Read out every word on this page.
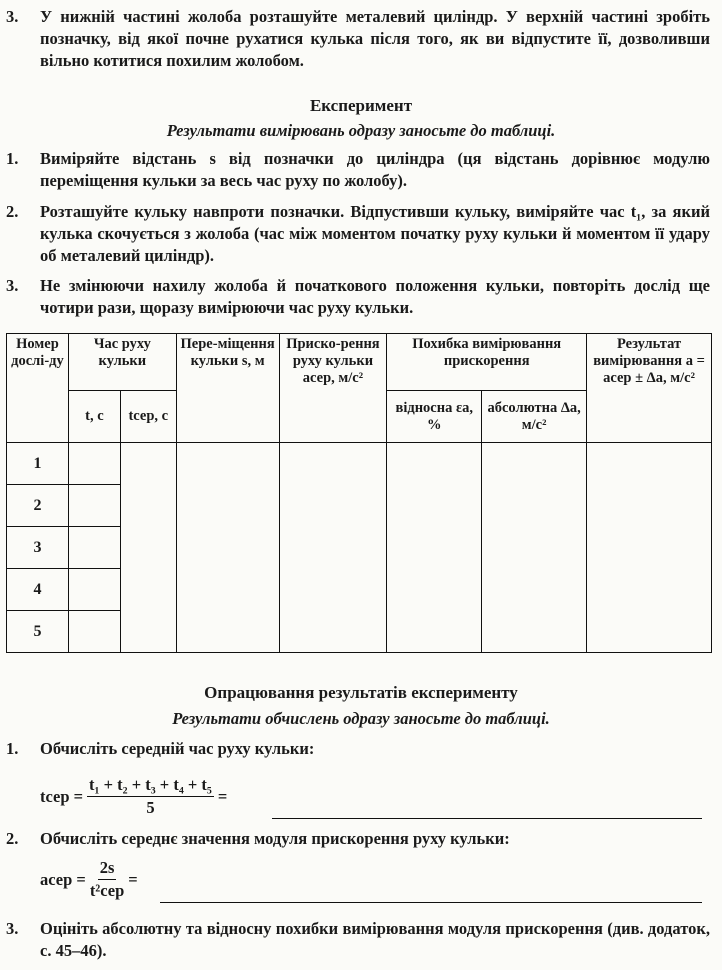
3. У нижній частині жолоба розташуйте металевий циліндр. У верхній частині зробіть позначку, від якої почне рухатися кулька після того, як ви відпустите її, дозволивши вільно котитися похилим жолобом.
Експеримент
Результати вимірювань одразу заносьте до таблиці.
1. Виміряйте відстань s від позначки до циліндра (ця відстань дорівнює модулю переміщення кульки за весь час руху по жолобу).
2. Розташуйте кульку навпроти позначки. Відпустивши кульку, виміряйте час t₁, за який кулька скочується з жолоба (час між моментом початку руху кульки й моментом її удару об металевий циліндр).
3. Не змінюючи нахилу жолоба й початкового положення кульки, повторіть дослід ще чотири рази, щоразу вимірюючи час руху кульки.
Номер дослі-ду	Час руху кульки		Пере-міщення кульки s, м	Приско-рення руху кульки aсер, м/с²	Похибка вимірювання прискорення		Результат вимірювання a = aсер ± Δa, м/с²
	t, с	tсер, с			відносна εa, %	абсолютна Δa, м/с²	
1							
2							
3							
4							
5							
Опрацювання результатів експерименту
Результати обчислень одразу заносьте до таблиці.
1. Обчисліть середній час руху кульки:
tсер = $\frac{\text{t₁ + t₂ + t₃ + t₄ + t₅}}{5}$ =
2. Обчисліть середнє значення модуля прискорення руху кульки:
aсер = $\frac{2s}{\text{t²сер}}$ =
3. Оцініть абсолютну та відносну похибки вимірювання модуля прискорення (див. додаток, с. 45–46).
